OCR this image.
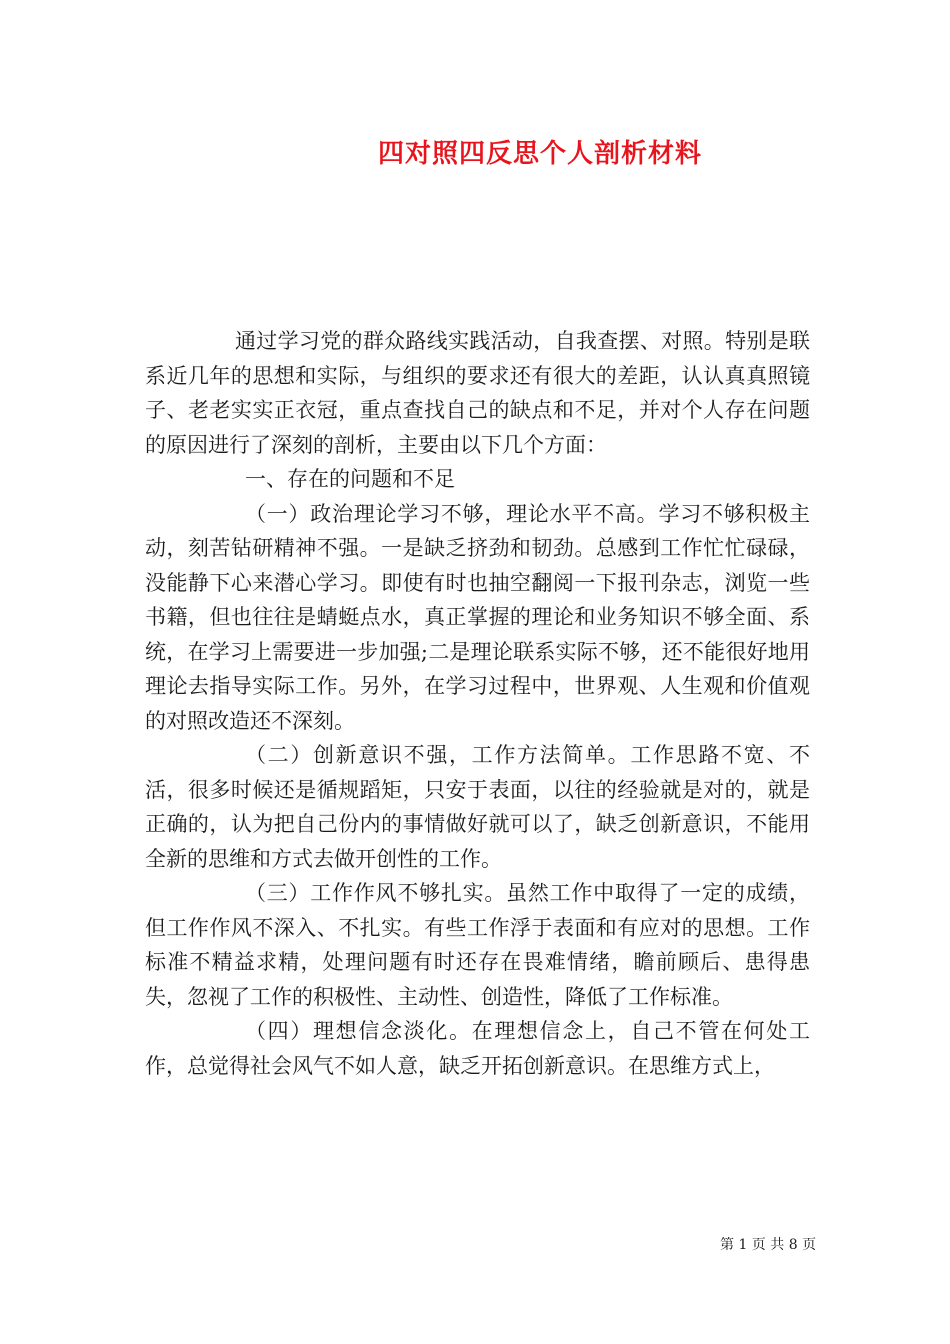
四对照四反思个人剖析材料

通过学习党的群众路线实践活动，自我查摆、对照。特别是联系近几年的思想和实际，与组织的要求还有很大的差距，认认真真照镜子、老老实实正衣冠，重点查找自己的缺点和不足，并对个人存在问题的原因进行了深刻的剖析，主要由以下几个方面：

一、存在的问题和不足

（一）政治理论学习不够，理论水平不高。学习不够积极主动，刻苦钻研精神不强。一是缺乏挤劲和韧劲。总感到工作忙忙碌碌，没能静下心来潜心学习。即使有时也抽空翻阅一下报刊杂志，浏览一些书籍，但也往往是蜻蜓点水，真正掌握的理论和业务知识不够全面、系统，在学习上需要进一步加强;二是理论联系实际不够，还不能很好地用理论去指导实际工作。另外，在学习过程中，世界观、人生观和价值观的对照改造还不深刻。

（二）创新意识不强，工作方法简单。工作思路不宽、不活，很多时候还是循规蹈矩，只安于表面，以往的经验就是对的，就是正确的，认为把自己份内的事情做好就可以了，缺乏创新意识，不能用全新的思维和方式去做开创性的工作。

（三）工作作风不够扎实。虽然工作中取得了一定的成绩，但工作作风不深入、不扎实。有些工作浮于表面和有应对的思想。工作标准不精益求精，处理问题有时还存在畏难情绪，瞻前顾后、患得患失，忽视了工作的积极性、主动性、创造性，降低了工作标准。

（四）理想信念淡化。在理想信念上，自己不管在何处工作，总觉得社会风气不如人意，缺乏开拓创新意识。在思维方式上，

第 1 页 共 8 页
